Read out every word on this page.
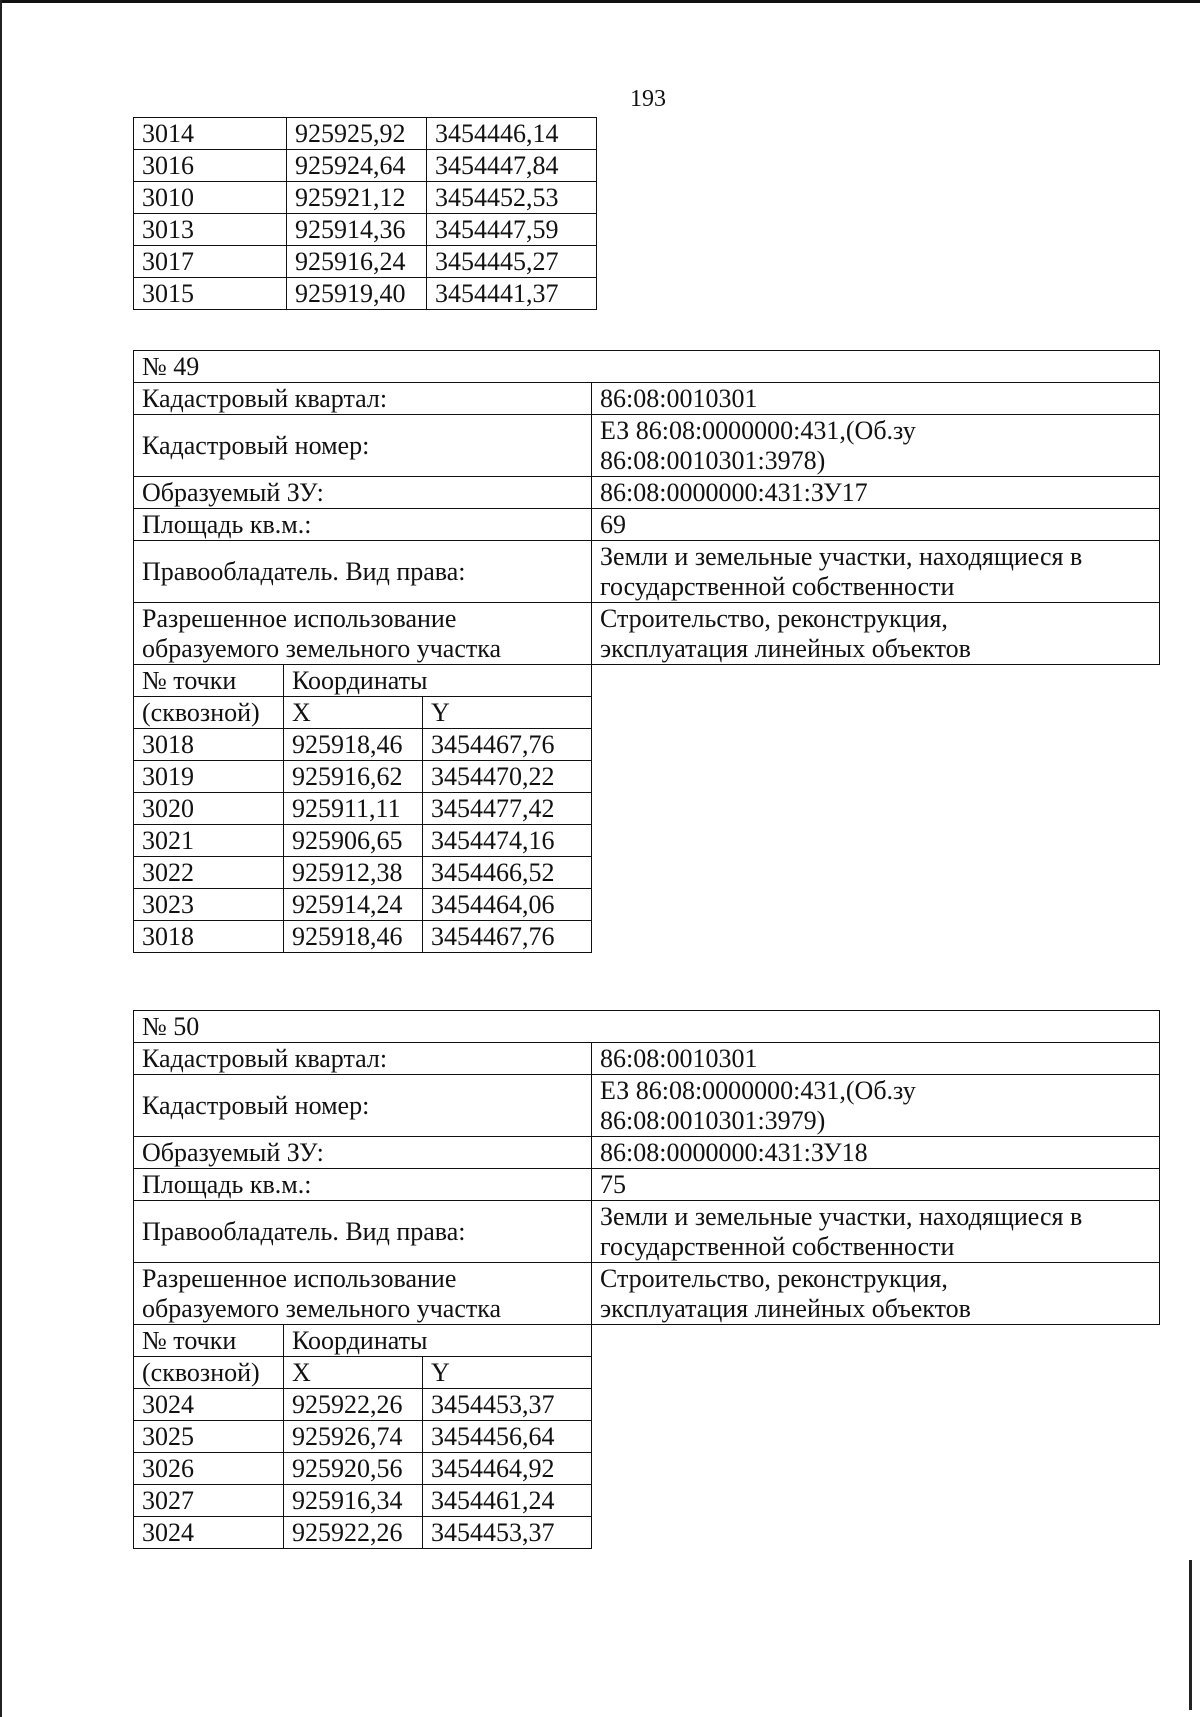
193
3014	925925,92	3454446,14
3016	925924,64	3454447,84
3010	925921,12	3454452,53
3013	925914,36	3454447,59
3017	925916,24	3454445,27
3015	925919,40	3454441,37
№ 49			
Кадастровый квартал:			86:08:0010301
Кадастровый номер:			ЕЗ 86:08:0000000:431,(Об.зу
86:08:0010301:3978)
Образуемый ЗУ:			86:08:0000000:431:ЗУ17
Площадь кв.м.:			69
Правообладатель. Вид права:			Земли и земельные участки, находящиеся в
государственной собственности
Разрешенное использование
образуемого земельного участка			Строительство, реконструкция,
эксплуатация линейных объектов
№ точки	Координаты		
(сквозной)	X	Y	
3018	925918,46	3454467,76	
3019	925916,62	3454470,22	
3020	925911,11	3454477,42	
3021	925906,65	3454474,16	
3022	925912,38	3454466,52	
3023	925914,24	3454464,06	
3018	925918,46	3454467,76	
№ 50			
Кадастровый квартал:			86:08:0010301
Кадастровый номер:			ЕЗ 86:08:0000000:431,(Об.зу
86:08:0010301:3979)
Образуемый ЗУ:			86:08:0000000:431:ЗУ18
Площадь кв.м.:			75
Правообладатель. Вид права:			Земли и земельные участки, находящиеся в
государственной собственности
Разрешенное использование
образуемого земельного участка			Строительство, реконструкция,
эксплуатация линейных объектов
№ точки	Координаты		
(сквозной)	X	Y	
3024	925922,26	3454453,37	
3025	925926,74	3454456,64	
3026	925920,56	3454464,92	
3027	925916,34	3454461,24	
3024	925922,26	3454453,37	
